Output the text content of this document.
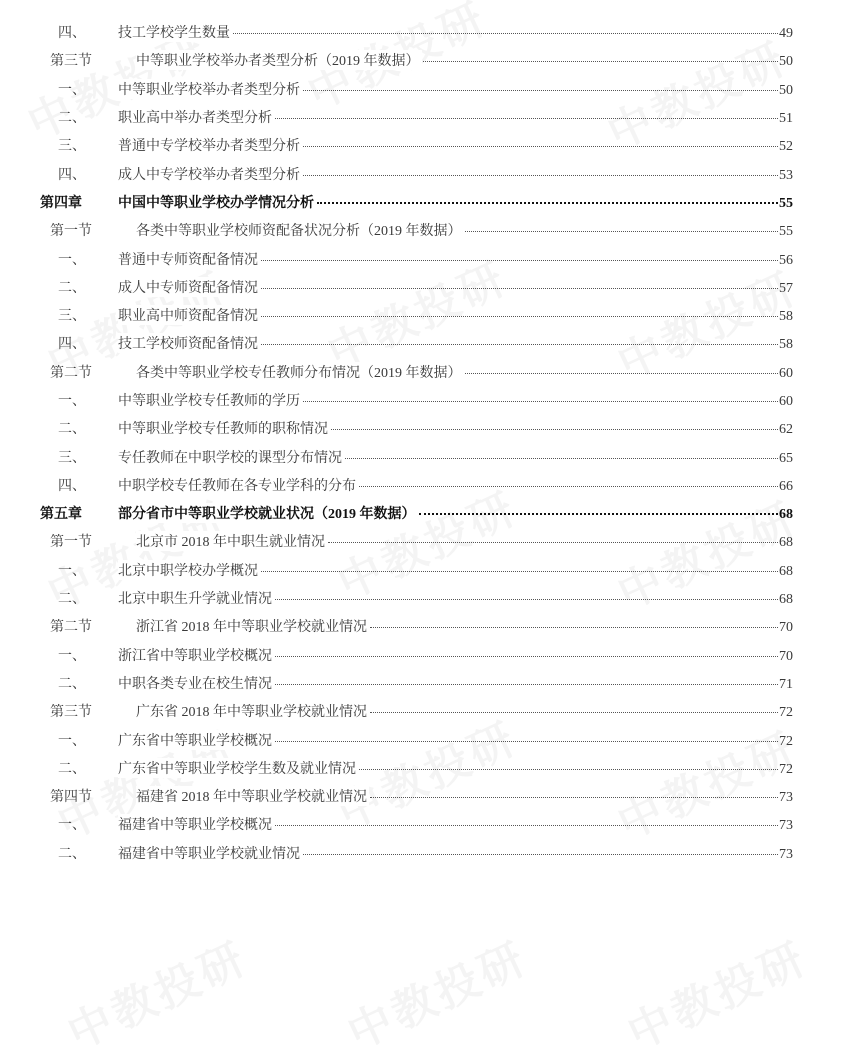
四、 技工学校学生数量	49
第三节	中等职业学校举办者类型分析（2019 年数据）	50
一、 中等职业学校举办者类型分析	50
二、 职业高中举办者类型分析	51
三、 普通中专学校举办者类型分析	52
四、 成人中专学校举办者类型分析	53
第四章	中国中等职业学校办学情况分析	55
第一节	各类中等职业学校师资配备状况分析（2019 年数据）	55
一、 普通中专师资配备情况	56
二、 成人中专师资配备情况	57
三、 职业高中师资配备情况	58
四、 技工学校师资配备情况	58
第二节	各类中等职业学校专任教师分布情况（2019 年数据）	60
一、 中等职业学校专任教师的学历	60
二、 中等职业学校专任教师的职称情况	62
三、 专任教师在中职学校的课型分布情况	65
四、 中职学校专任教师在各专业学科的分布	66
第五章	部分省市中等职业学校就业状况（2019 年数据）	68
第一节	北京市 2018 年中职生就业情况	68
一、 北京中职学校办学概况	68
二、 北京中职生升学就业情况	68
第二节	浙江省 2018 年中等职业学校就业情况	70
一、 浙江省中等职业学校概况	70
二、 中职各类专业在校生情况	71
第三节	广东省 2018 年中等职业学校就业情况	72
一、 广东省中等职业学校概况	72
二、 广东省中等职业学校学生数及就业情况	72
第四节	福建省 2018 年中等职业学校就业情况	73
一、 福建省中等职业学校概况	73
二、 福建省中等职业学校就业情况	73
